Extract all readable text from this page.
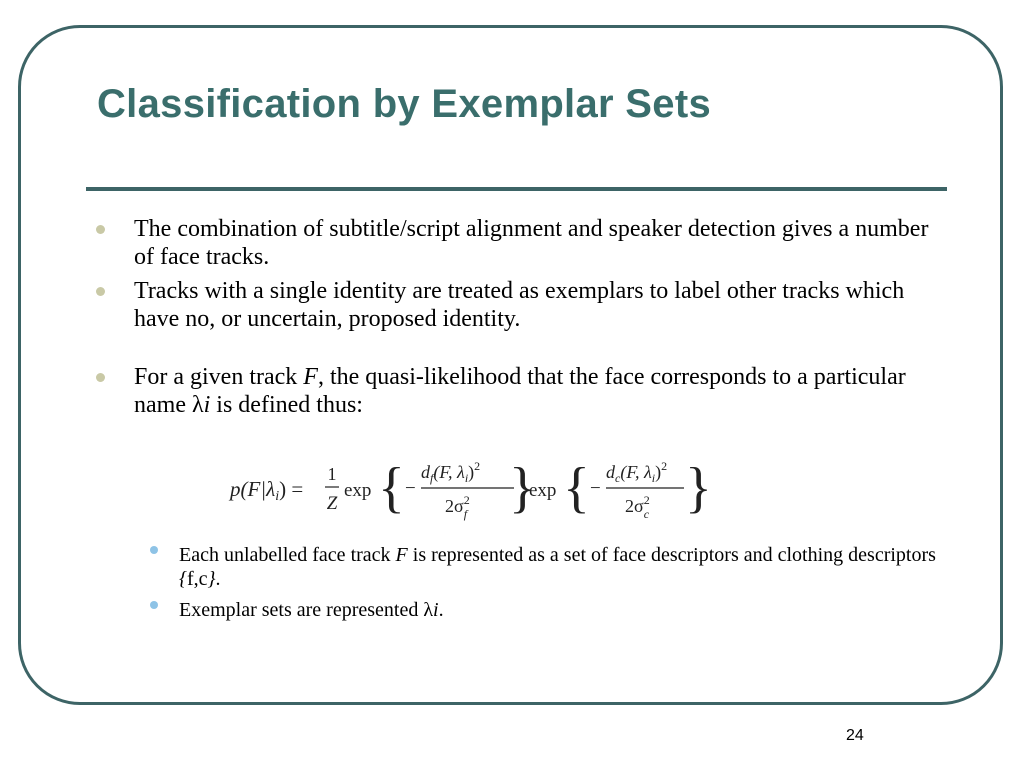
Classification by Exemplar Sets
The combination of subtitle/script alignment and speaker detection gives a number of face tracks.
Tracks with a single identity are treated as exemplars to label other tracks which have no, or uncertain, proposed identity.
For a given track F, the quasi-likelihood that the face corresponds to a particular name λi is defined thus:
p(F|λi) =
1
Z
exp { −
$d_f(F$, $\lambda_i)^2$
$2\sigma^2$ f }
exp { −
$d_c(F$, $\lambda_i)^2$
$2\sigma^2$ c }
Each unlabelled face track F is represented as a set of face descriptors and clothing descriptors {f,c}.
Exemplar sets are represented λi.
24
